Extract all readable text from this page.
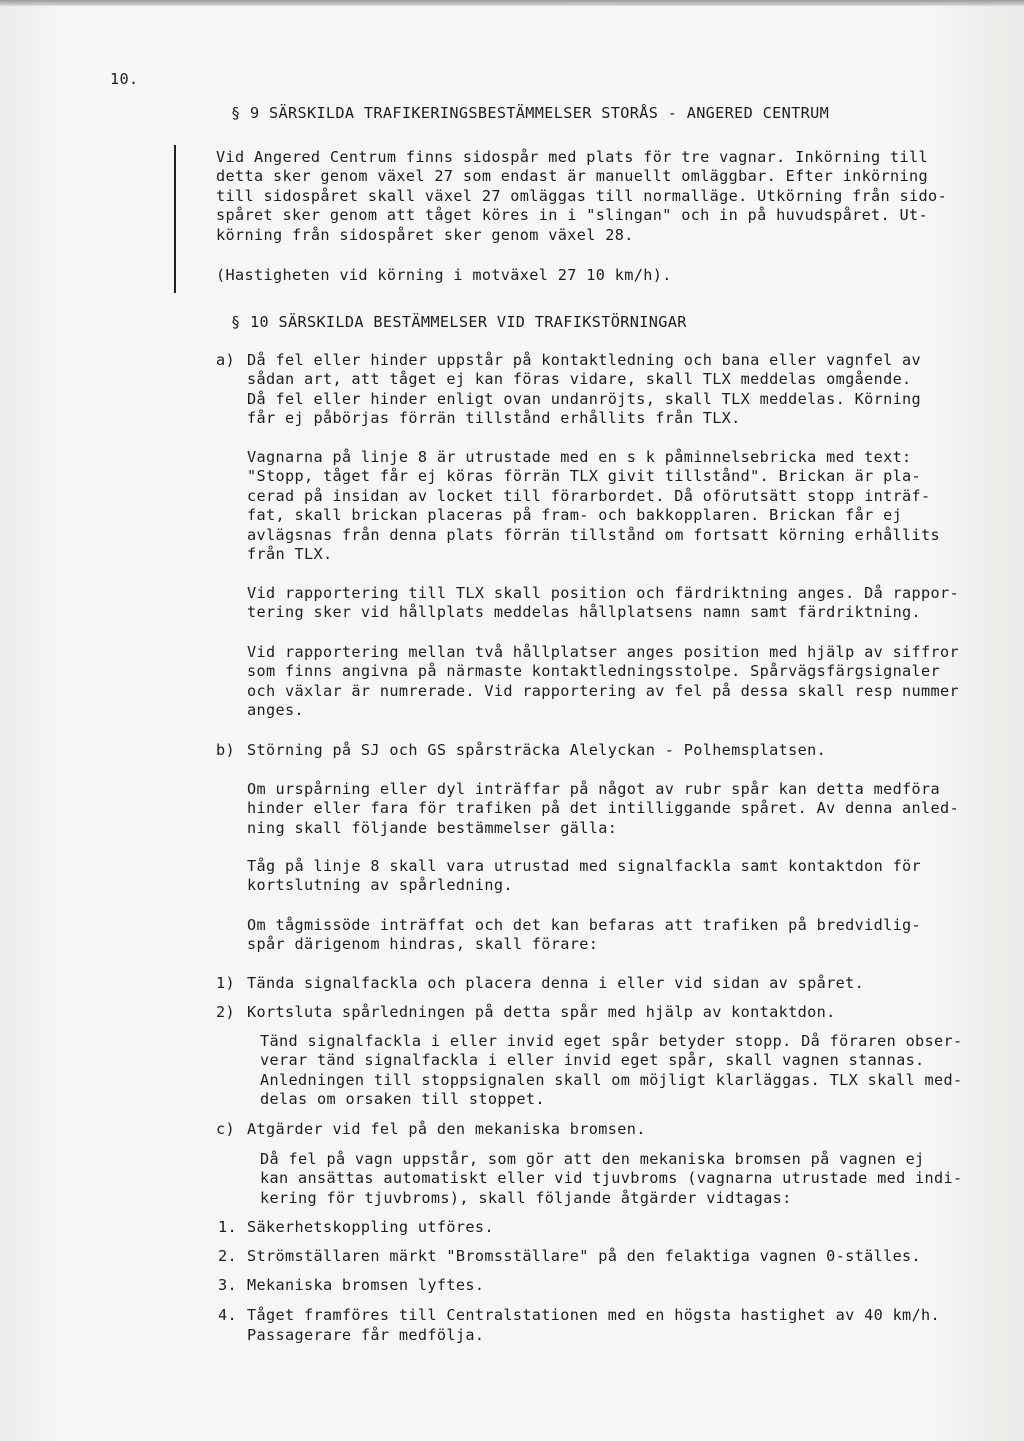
10.
§ 9 SÄRSKILDA TRAFIKERINGSBESTÄMMELSER STORÅS - ANGERED CENTRUM
Vid Angered Centrum finns sidospår med plats för tre vagnar. Inkörning till
detta sker genom växel 27 som endast är manuellt omläggbar. Efter inkörning
till sidospåret skall växel 27 omläggas till normalläge. Utkörning från sido-
spåret sker genom att tåget köres in i "slingan" och in på huvudspåret. Ut-
körning från sidospåret sker genom växel 28.
(Hastigheten vid körning i motväxel 27 10 km/h).
§ 10 SÄRSKILDA BESTÄMMELSER VID TRAFIKSTÖRNINGAR
a) Då fel eller hinder uppstår på kontaktledning och bana eller vagnfel av
sådan art, att tåget ej kan föras vidare, skall TLX meddelas omgående.
Då fel eller hinder enligt ovan undanröjts, skall TLX meddelas. Körning
får ej påbörjas förrän tillstånd erhållits från TLX.
Vagnarna på linje 8 är utrustade med en s k påminnelsebricka med text:
"Stopp, tåget får ej köras förrän TLX givit tillstånd". Brickan är pla-
cerad på insidan av locket till förarbordet. Då oförutsätt stopp inträf-
fat, skall brickan placeras på fram- och bakkopplaren. Brickan får ej
avlägsnas från denna plats förrän tillstånd om fortsatt körning erhållits
från TLX.
Vid rapportering till TLX skall position och färdriktning anges. Då rappor-
tering sker vid hållplats meddelas hållplatsens namn samt färdriktning.
Vid rapportering mellan två hållplatser anges position med hjälp av siffror
som finns angivna på närmaste kontaktledningsstolpe. Spårvägsfärgsignaler
och växlar är numrerade. Vid rapportering av fel på dessa skall resp nummer
anges.
b) Störning på SJ och GS spårsträcka Alelyckan - Polhemsplatsen.
Om urspårning eller dyl inträffar på något av rubr spår kan detta medföra
hinder eller fara för trafiken på det intilliggande spåret. Av denna anled-
ning skall följande bestämmelser gälla:
Tåg på linje 8 skall vara utrustad med signalfackla samt kontaktdon för
kortslutning av spårledning.
Om tågmissöde inträffat och det kan befaras att trafiken på bredvidlig-
spår därigenom hindras, skall förare:
1) Tända signalfackla och placera denna i eller vid sidan av spåret.
2) Kortsluta spårledningen på detta spår med hjälp av kontaktdon.
Tänd signalfackla i eller invid eget spår betyder stopp. Då föraren obser-
verar tänd signalfackla i eller invid eget spår, skall vagnen stannas.
Anledningen till stoppsignalen skall om möjligt klarläggas. TLX skall med-
delas om orsaken till stoppet.
c) Atgärder vid fel på den mekaniska bromsen.
Då fel på vagn uppstår, som gör att den mekaniska bromsen på vagnen ej
kan ansättas automatiskt eller vid tjuvbroms (vagnarna utrustade med indi-
kering för tjuvbroms), skall följande åtgärder vidtagas:
1. Säkerhetskoppling utföres.
2. Strömställaren märkt "Bromsställare" på den felaktiga vagnen 0-ställes.
3. Mekaniska bromsen lyftes.
4. Tåget framföres till Centralstationen med en högsta hastighet av 40 km/h.
Passagerare får medfölja.
